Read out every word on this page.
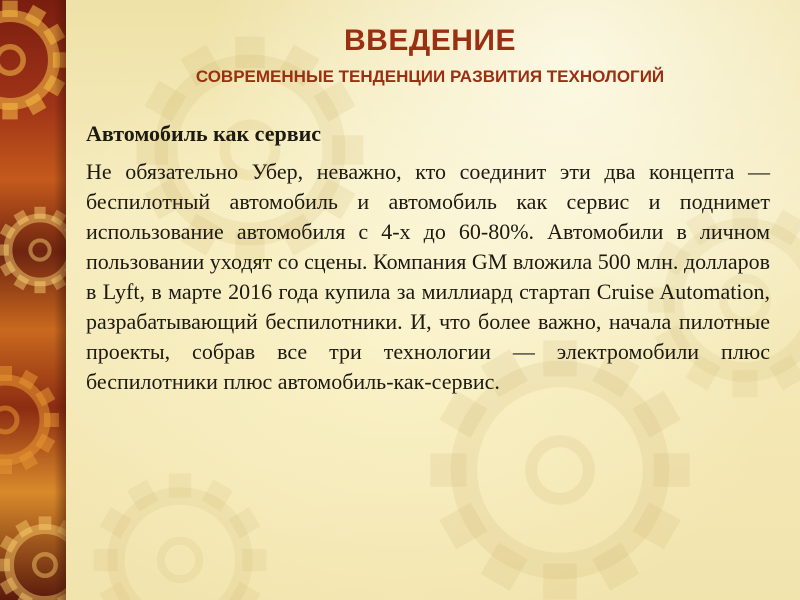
ВВЕДЕНИЕ
СОВРЕМЕННЫЕ ТЕНДЕНЦИИ РАЗВИТИЯ ТЕХНОЛОГИЙ

Автомобиль как сервис

Не обязательно Убер, неважно, кто соединит эти два концепта — беспилотный автомобиль и автомобиль как сервис и поднимет использование автомобиля с 4-х до 60-80%. Автомобили в личном пользовании уходят со сцены. Компания GM вложила 500 млн. долларов в Lyft, в марте 2016 года купила за миллиард стартап Cruise Automation, разрабатывающий беспилотники. И, что более важно, начала пилотные проекты, собрав все три технологии — электромобили плюс беспилотники плюс автомобиль-как-сервис.
